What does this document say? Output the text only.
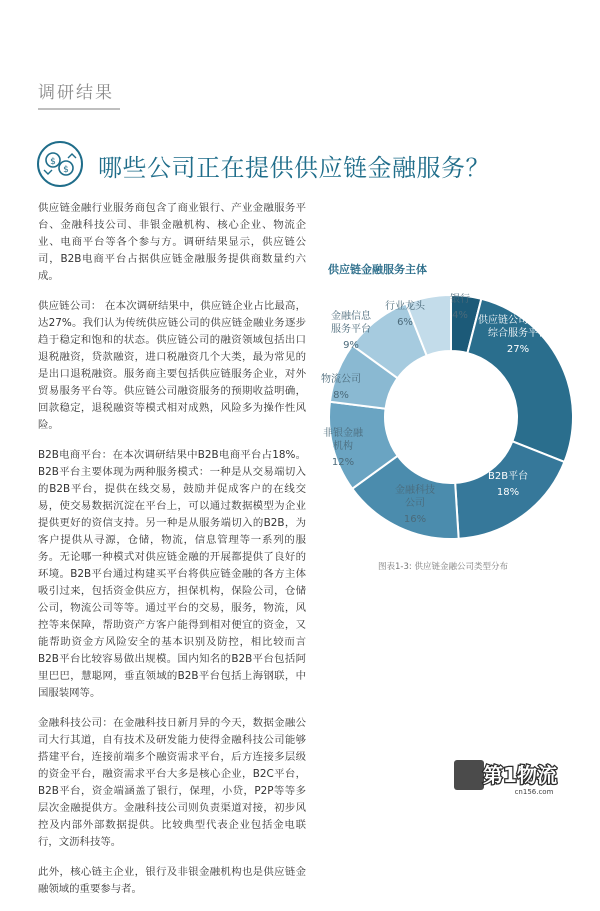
调研结果
$
$ 哪些公司正在提供供应链金融服务？

供应链金融行业服务商包含了商业银行、产业金融服务平台、金融科技公司、非银金融机构、核心企业、物流企业、电商平台等各个参与方。调研结果显示，供应链公司，B2B电商平台占据供应链金融服务提供商数量约六成。

供应链公司： 在本次调研结果中，供应链企业占比最高，达27%。我们认为传统供应链公司的供应链金融业务逐步趋于稳定和饱和的状态。供应链公司的融资领域包括出口退税融资，贷款融资，进口税融资几个大类，最为常见的是出口退税融资。服务商主要包括供应链服务企业，对外贸易服务平台等。供应链公司融资服务的预期收益明确，回款稳定，退税融资等模式相对成熟，风险多为操作性风险。

B2B电商平台：在本次调研结果中B2B电商平台占18%。B2B平台主要体现为两种服务模式：一种是从交易端切入的B2B平台，提供在线交易，鼓励并促成客户的在线交易，使交易数据沉淀在平台上，可以通过数据模型为企业提供更好的资信支持。另一种是从服务端切入的B2B，为客户提供从寻源，仓储，物流，信息管理等一系列的服务。无论哪一种模式对供应链金融的开展都提供了良好的环境。B2B平台通过构建买平台将供应链金融的各方主体吸引过来，包括资金供应方，担保机构，保险公司，仓储公司，物流公司等等。通过平台的交易，服务，物流，风控等来保障，帮助资产方客户能得到相对便宜的资金，又能帮助资金方风险安全的基本识别及防控，相比较而言B2B平台比较容易做出规模。国内知名的B2B平台包括阿里巴巴，慧聪网，垂直领域的B2B平台包括上海钢联，中国服装网等。

金融科技公司：在金融科技日新月异的今天，数据金融公司大行其道，自有技术及研发能力使得金融科技公司能够搭建平台，连接前端多个融资需求平台，后方连接多层级的资金平台，融资需求平台大多是核心企业，B2C平台，B2B平台，资金端涵盖了银行，保理，小贷，P2P等等多层次金融提供方。金融科技公司则负责渠道对接，初步风控及内部外部数据提供。比较典型代表企业包括金电联行，文沥科技等。

此外，核心链主企业，银行及非银金融机构也是供应链金融领域的重要参与者。

供应链金融服务主体
银行
4% 供应链公司或外贸
综合服务平台
27%
B2B平台
18%
金融科技
公司
16%
非银金融
机构
12%
物流公司
8%
金融信息
服务平台
9%
行业龙头
6%
图表1-3: 供应链金融公司类型分布
第1物流
cn156.com
